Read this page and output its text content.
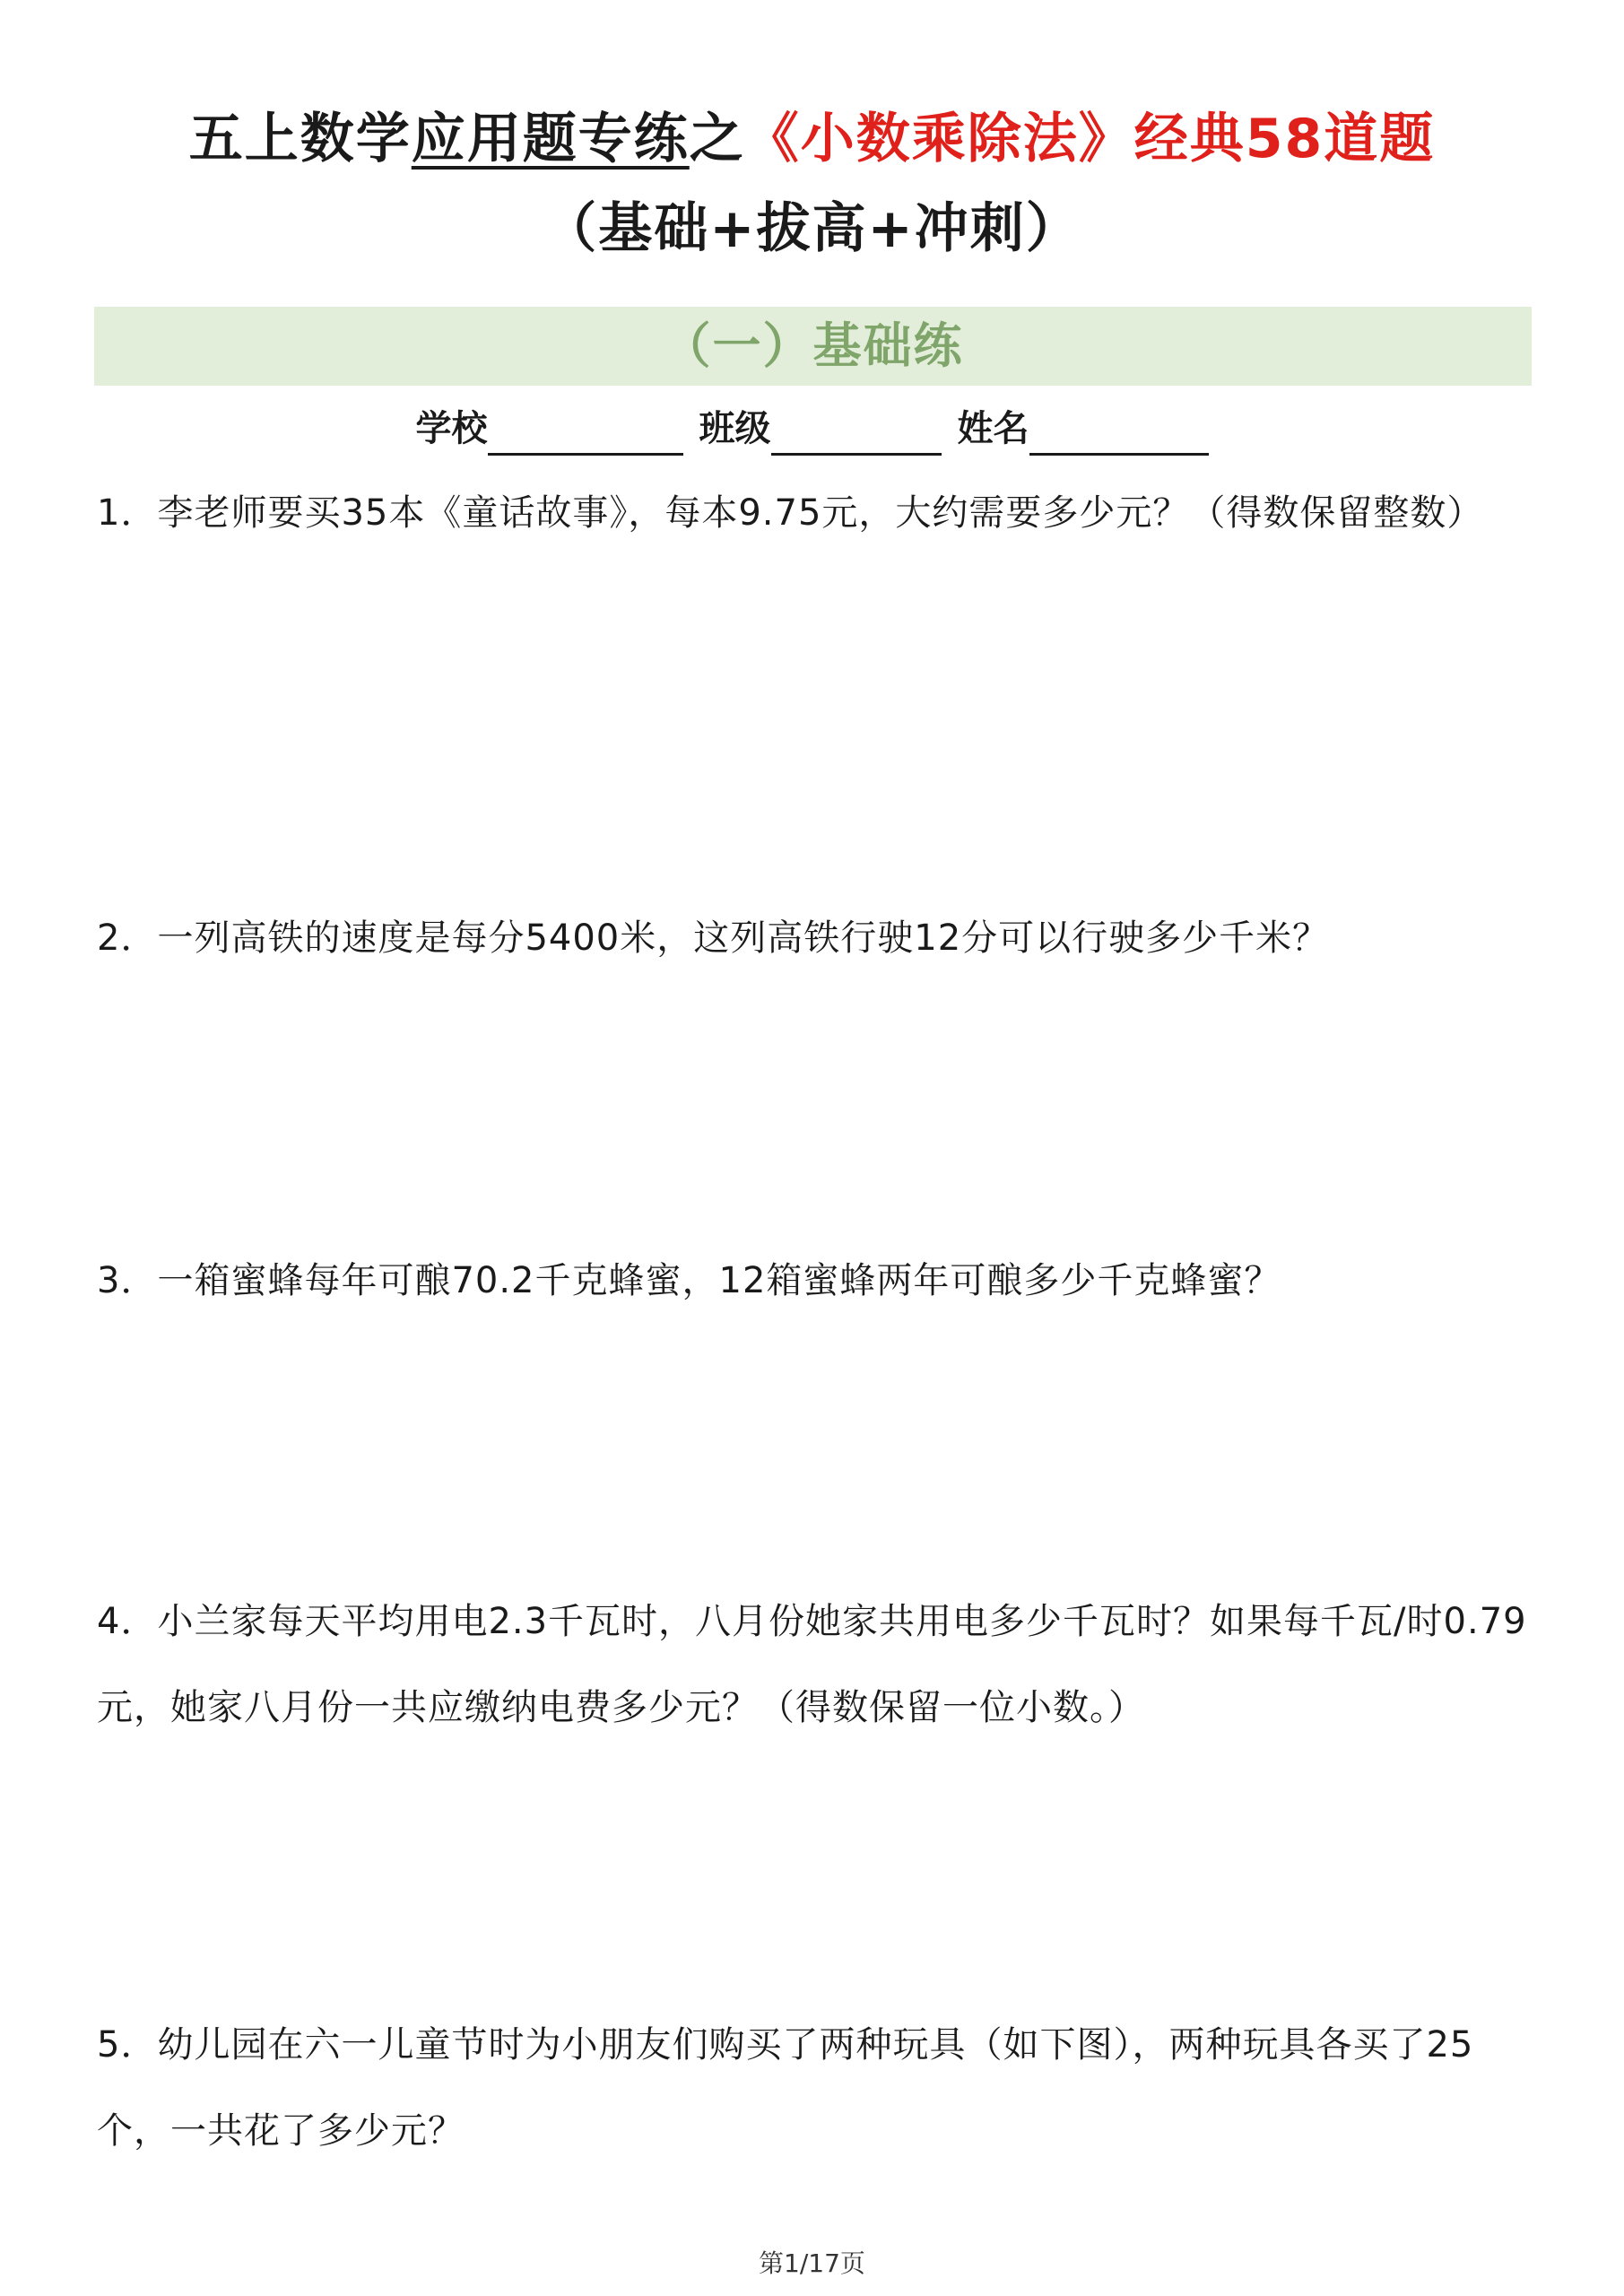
五上数学应用题专练之《小数乘除法》经典58道题
（基础+拔高+冲刺）
（一）基础练
学校	班级	姓名
1．李老师要买35本《童话故事》，每本9.75元，大约需要多少元？（得数保留整数）
2．一列高铁的速度是每分5400米，这列高铁行驶12分可以行驶多少千米？
3．一箱蜜蜂每年可酿70.2千克蜂蜜，12箱蜜蜂两年可酿多少千克蜂蜜？
4．小兰家每天平均用电2.3千瓦时，八月份她家共用电多少千瓦时？如果每千瓦/时0.79元，她家八月份一共应缴纳电费多少元？（得数保留一位小数。）
5．幼儿园在六一儿童节时为小朋友们购买了两种玩具（如下图），两种玩具各买了25个，一共花了多少元？
第1/17页
